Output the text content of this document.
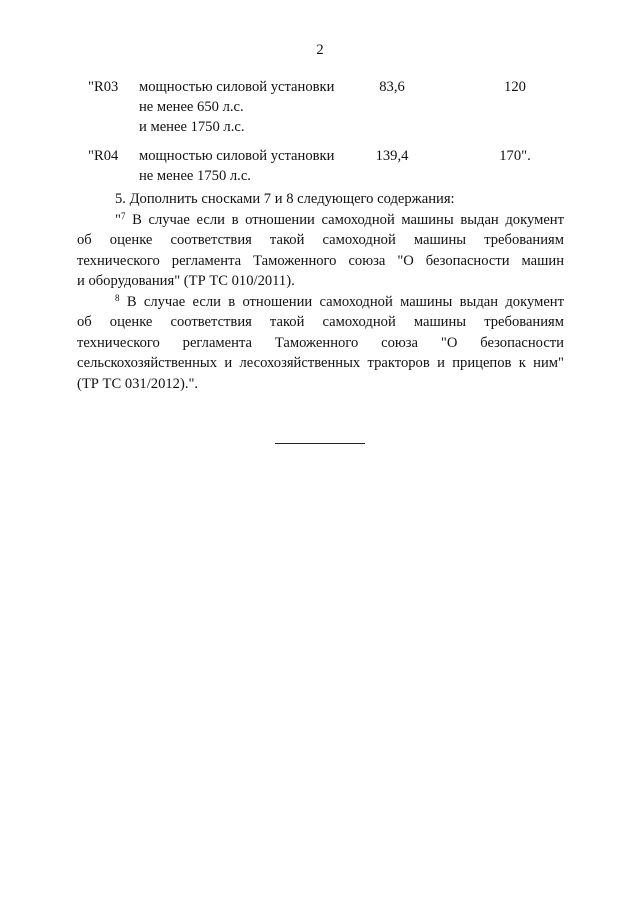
2
"R03 мощностью силовой установки
не менее 650 л.с.
и менее 1750 л.с.
83,6	120
"R04 мощностью силовой установки
не менее 1750 л.с.
139,4	170".
5. Дополнить сносками 7 и 8 следующего содержания:
"$^7$ В случае если в отношении самоходной машины выдан документ
об оценке соответствия такой самоходной машины требованиям
технического регламента Таможенного союза "О безопасности машин
и оборудования" (ТР ТС 010/2011).
$^8$ В случае если в отношении самоходной машины выдан документ
об оценке соответствия такой самоходной машины требованиям
технического регламента Таможенного союза "О безопасности
сельскохозяйственных и лесохозяйственных тракторов и прицепов к ним"
(ТР ТС 031/2012).".
